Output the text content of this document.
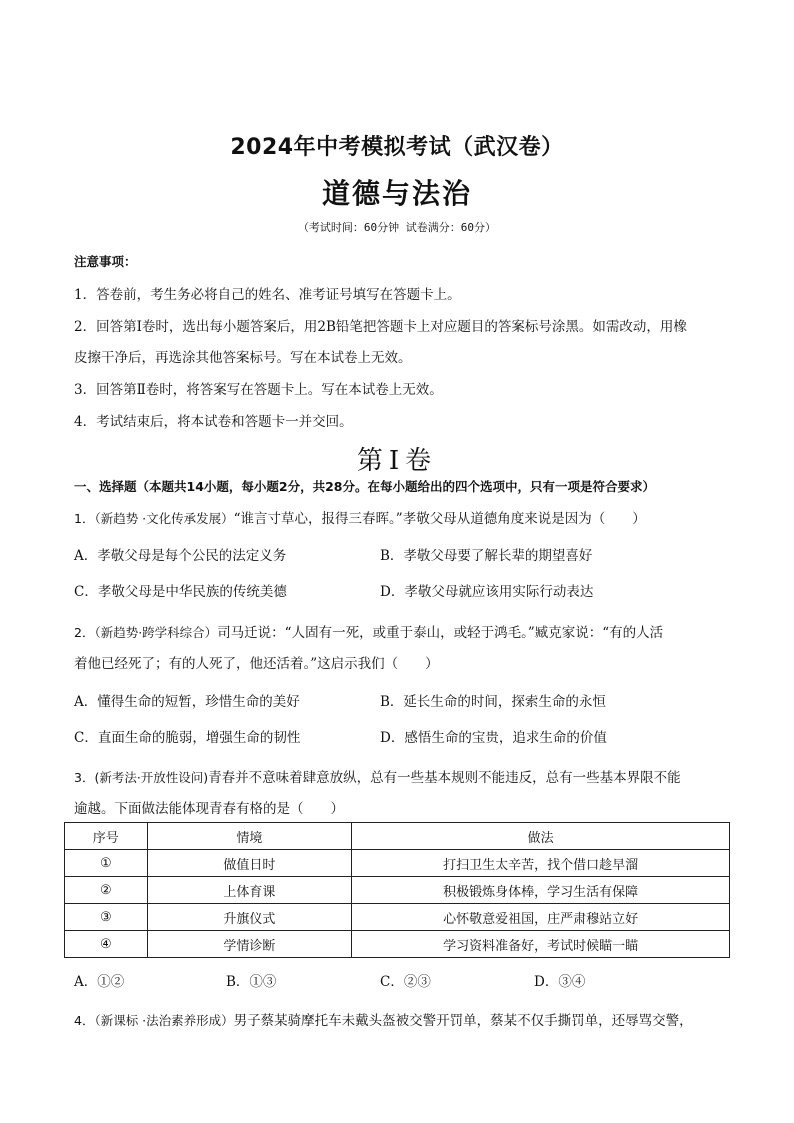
2024年中考模拟考试（武汉卷）
道德与法治
（考试时间：60分钟 试卷满分：60分）
注意事项：
1．答卷前，考生务必将自己的姓名、准考证号填写在答题卡上。
2．回答第Ⅰ卷时，选出每小题答案后，用2B铅笔把答题卡上对应题目的答案标号涂黑。如需改动，用橡
皮擦干净后，再选涂其他答案标号。写在本试卷上无效。
3．回答第Ⅱ卷时，将答案写在答题卡上。写在本试卷上无效。
4．考试结束后，将本试卷和答题卡一并交回。
第I卷
一、选择题（本题共14小题，每小题2分，共28分。在每小题给出的四个选项中，只有一项是符合要求）
1．（新趋势 ·文化传承发展）“谁言寸草心，报得三春晖。”孝敬父母从道德角度来说是因为（　　）
A．孝敬父母是每个公民的法定义务	B．孝敬父母要了解长辈的期望喜好
C．孝敬父母是中华民族的传统美德	D．孝敬父母就应该用实际行动表达
2．（新趋势·跨学科综合）司马迁说：“人固有一死，或重于泰山，或轻于鸿毛。”臧克家说：“有的人活
着他已经死了；有的人死了，他还活着。”这启示我们（　　）
A．懂得生命的短暂，珍惜生命的美好	B．延长生命的时间，探索生命的永恒
C．直面生命的脆弱，增强生命的韧性	D．感悟生命的宝贵，追求生命的价值
3．(新考法·开放性设问)青春并不意味着肆意放纵，总有一些基本规则不能违反，总有一些基本界限不能
逾越。下面做法能体现青春有格的是（　　）
序号	情境	做法
①	做值日时	打扫卫生太辛苦，找个借口趁早溜
②	上体育课	积极锻炼身体棒，学习生活有保障
③	升旗仪式	心怀敬意爱祖国，庄严肃穆站立好
④	学情诊断	学习资料准备好，考试时候瞄一瞄
A．①②	B．①③	C．②③	D．③④
4．（新课标 ·法治素养形成）男子蔡某骑摩托车未戴头盔被交警开罚单，蔡某不仅手撕罚单，还辱骂交警，
